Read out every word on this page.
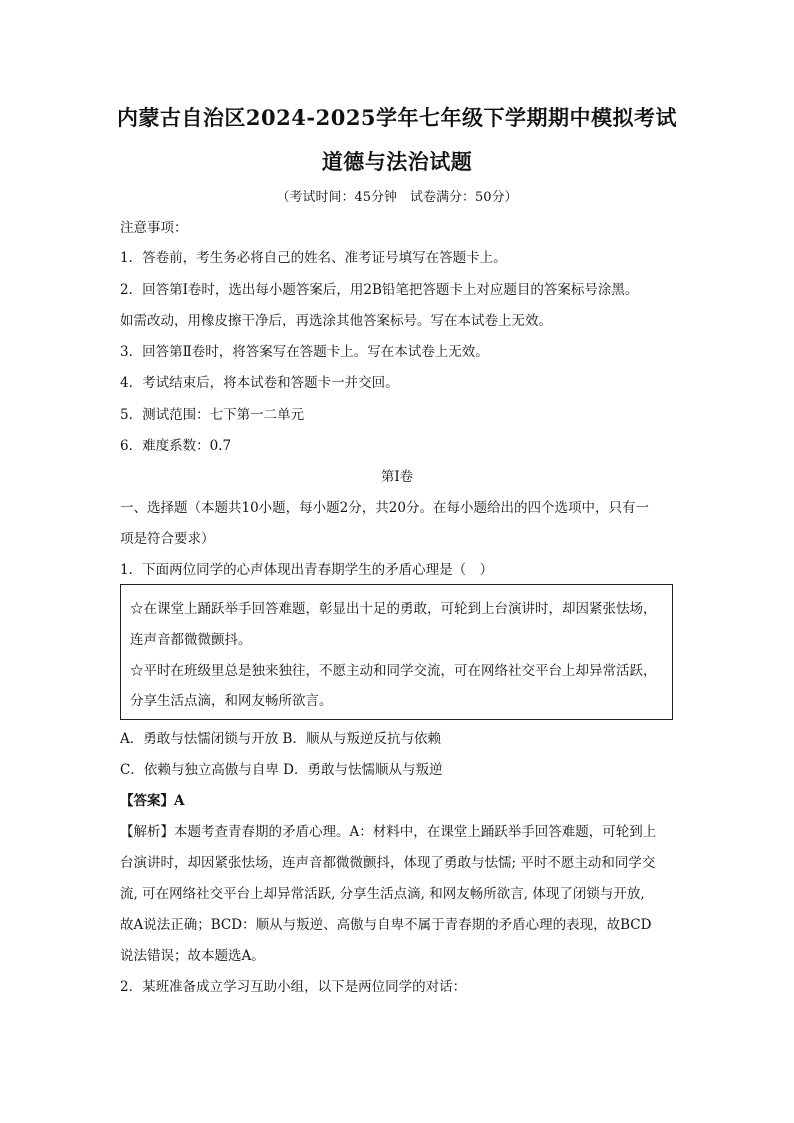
内蒙古自治区2024-2025学年七年级下学期期中模拟考试
道德与法治试题
（考试时间：45分钟　试卷满分：50分）
注意事项：
1．答卷前，考生务必将自己的姓名、准考证号填写在答题卡上。
2．回答第Ⅰ卷时，选出每小题答案后，用2B铅笔把答题卡上对应题目的答案标号涂黑。
如需改动，用橡皮擦干净后，再选涂其他答案标号。写在本试卷上无效。
3．回答第Ⅱ卷时，将答案写在答题卡上。写在本试卷上无效。
4．考试结束后，将本试卷和答题卡一并交回。
5．测试范围：七下第一二单元
6．难度系数：0.7
第Ⅰ卷
一、选择题（本题共10小题，每小题2分，共20分。在每小题给出的四个选项中，只有一
项是符合要求）
1．下面两位同学的心声体现出青春期学生的矛盾心理是（　）
☆在课堂上踊跃举手回答难题，彰显出十足的勇敢，可轮到上台演讲时，却因紧张怯场，
连声音都微微颤抖。
☆平时在班级里总是独来独往，不愿主动和同学交流，可在网络社交平台上却异常活跃，
分享生活点滴，和网友畅所欲言。
A．勇敢与怯懦闭锁与开放 B．顺从与叛逆反抗与依赖
C．依赖与独立高傲与自卑 D．勇敢与怯懦顺从与叛逆
【答案】A
【解析】本题考查青春期的矛盾心理。A：材料中，在课堂上踊跃举手回答难题，可轮到上
台演讲时，却因紧张怯场，连声音都微微颤抖，体现了勇敢与怯懦; 平时不愿主动和同学交
流, 可在网络社交平台上却异常活跃, 分享生活点滴, 和网友畅所欲言, 体现了闭锁与开放,
故A说法正确；BCD：顺从与叛逆、高傲与自卑不属于青春期的矛盾心理的表现，故BCD
说法错误；故本题选A。
2．某班准备成立学习互助小组，以下是两位同学的对话：
